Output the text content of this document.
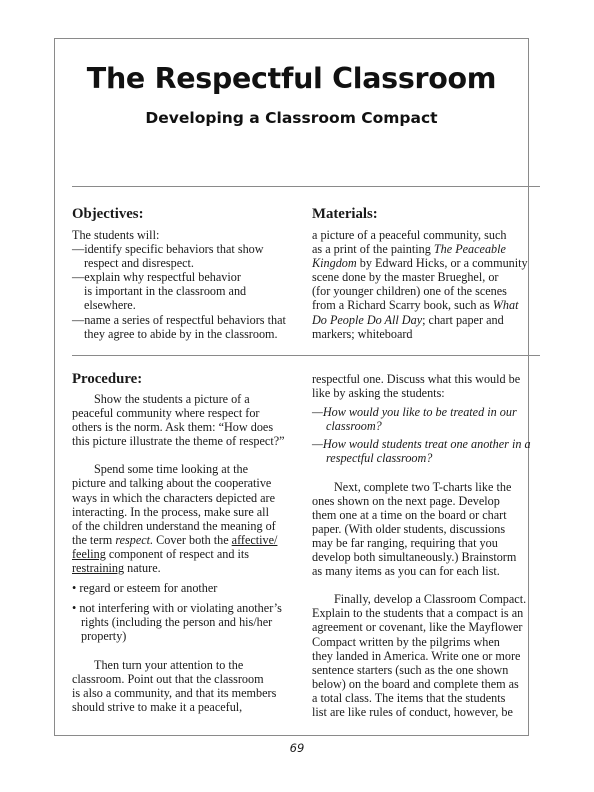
The Respectful Classroom
Developing a Classroom Compact
Objectives:

The students will:

—identify specific behaviors that show
respect and disrespect.

—explain why respectful behavior
is important in the classroom and
elsewhere.

—name a series of respectful behaviors that
they agree to abide by in the classroom.

Materials:

a picture of a peaceful community, such
as a print of the painting The Peaceable
Kingdom by Edward Hicks, or a community
scene done by the master Brueghel, or
(for younger children) one of the scenes
from a Richard Scarry book, such as What
Do People Do All Day; chart paper and
markers; whiteboard

Procedure:

Show the students a picture of a
peaceful community where respect for
others is the norm. Ask them: “How does
this picture illustrate the theme of respect?”

Spend some time looking at the
picture and talking about the cooperative
ways in which the characters depicted are
interacting. In the process, make sure all
of the children understand the meaning of
the term respect. Cover both the affective/
feeling component of respect and its
restraining nature.

• regard or esteem for another

• not interfering with or violating another’s
rights (including the person and his/her
property)

Then turn your attention to the
classroom. Point out that the classroom
is also a community, and that its members
should strive to make it a peaceful,

respectful one. Discuss what this would be
like by asking the students:

—How would you like to be treated in our
classroom?

—How would students treat one another in a
respectful classroom?

Next, complete two T-charts like the
ones shown on the next page. Develop
them one at a time on the board or chart
paper. (With older students, discussions
may be far ranging, requiring that you
develop both simultaneously.) Brainstorm
as many items as you can for each list.

Finally, develop a Classroom Compact.
Explain to the students that a compact is an
agreement or covenant, like the Mayflower
Compact written by the pilgrims when
they landed in America. Write one or more
sentence starters (such as the one shown
below) on the board and complete them as
a total class. The items that the students
list are like rules of conduct, however, be

69
